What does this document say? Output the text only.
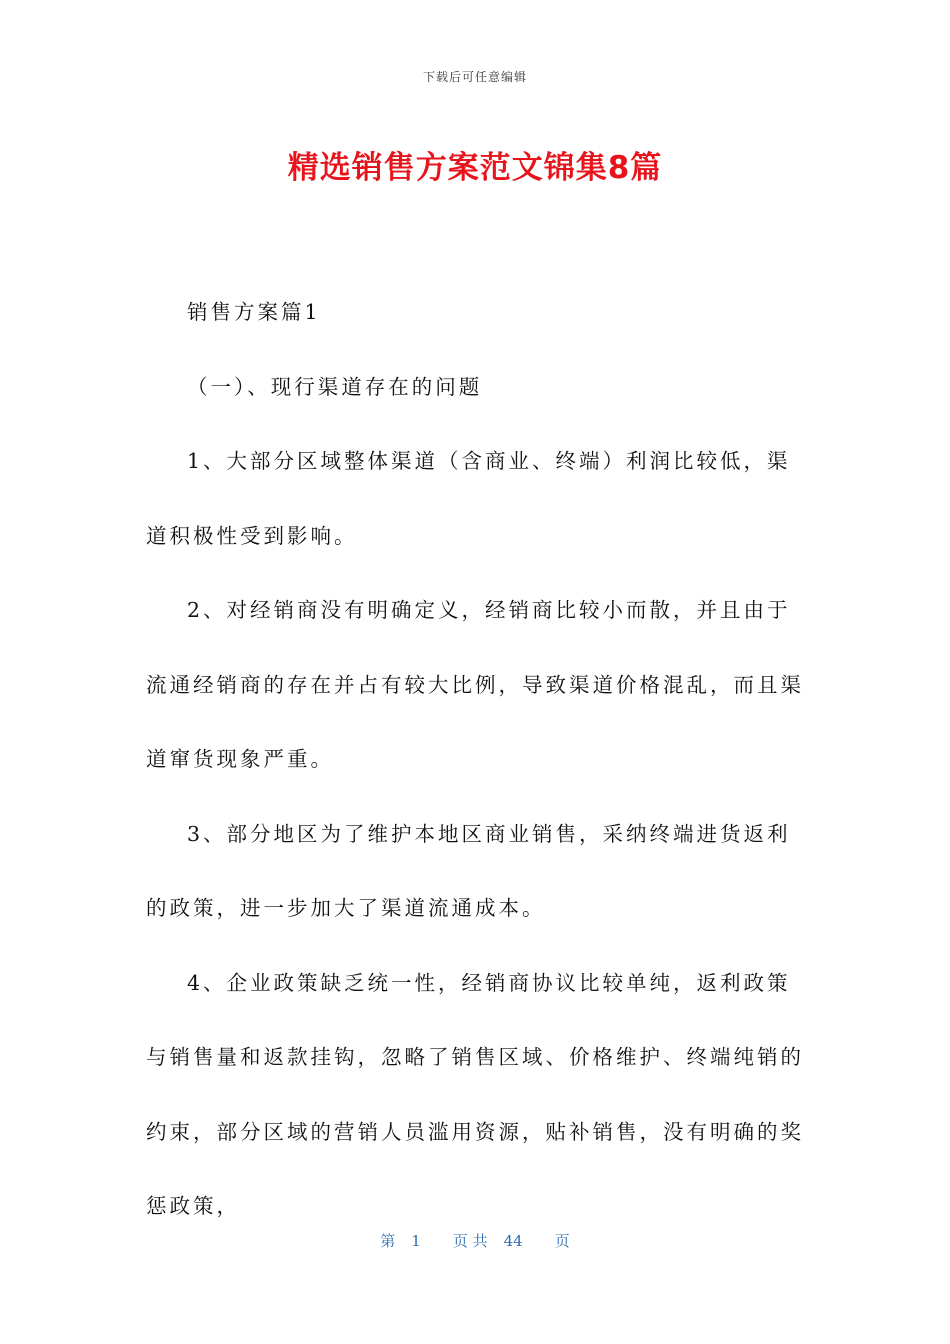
下载后可任意编辑
精选销售方案范文锦集8篇

销售方案篇1

（一）、现行渠道存在的问题

1、大部分区域整体渠道（含商业、终端）利润比较低，渠道积极性受到影响。

2、对经销商没有明确定义，经销商比较小而散，并且由于流通经销商的存在并占有较大比例，导致渠道价格混乱，而且渠道窜货现象严重。

3、部分地区为了维护本地区商业销售，采纳终端进货返利的政策，进一步加大了渠道流通成本。

4、企业政策缺乏统一性，经销商协议比较单纯，返利政策与销售量和返款挂钩，忽略了销售区域、价格维护、终端纯销的约束，部分区域的营销人员滥用资源，贴补销售，没有明确的奖惩政策，

第 1 页 共 44 页
